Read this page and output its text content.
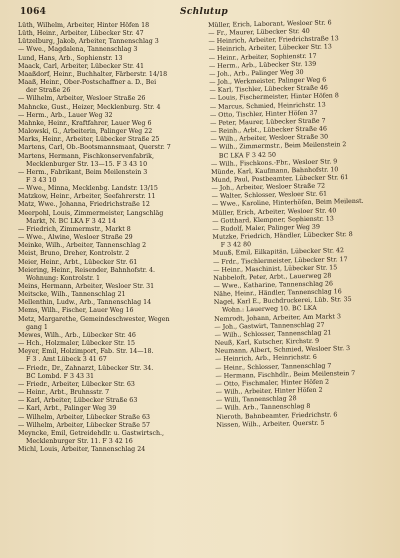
1064	Schlutup
Lüth, Wilhelm, Arbeiter, Hinter Höfen 18
Lüth, Heinr., Arbeiter, Lübecker Str. 47
Lützelburg, Jakob, Arbeiter, Tannenschlag 3
— Wwe., Magdalena, Tannenschlag 3
Lund, Hans, Arb., Sophienstr. 13
Maack, Carl, Arbeiter, Lübecker Str. 41
Maaßdorf, Heinr., Buchhalter, Färberstr. 14/18
Maaß, Heinr., Ober-Postschaffner a. D., Bei
der Straße 26
— Wilhelm, Arbeiter, Wesloer Straße 26
Mahncke, Gust., Heizer, Mecklenburg. Str. 4
— Herm., Arb., Lauer Weg 32
Mahnke, Heinr., Kraftfahrer, Lauer Weg 6
Malowski, G., Arbeiterin, Palinger Weg 22
Marks, Heinr., Arbeiter, Lübecker Straße 25
Martens, Carl, Ob.-Bootsmannsmaat, Querstr. 7
Martens, Hermann, Fischkonservenfabrik,
Mecklenburger Str. 13—15. F 3 43 10
— Herm., Fabrikant, Beim Meilenstein 3
F 3 43 10
— Wwe., Minna, Mecklenbg. Landstr. 13/15
Matzkow, Heinr., Arbeiter, Seefahrerstr. 11
Matz, Wwe., Johanna, Friedrichstraße 12
Meerpohl, Louis, Zimmermeister, Langschläg
Markt, N. BC LKA F 3 42 14
— Friedrich, Zimmermstr., Markt 8
— Wwe., Alwine, Wesloer Straße 29
Meinke, Wilh., Arbeiter, Tannenschlag 2
Meist, Bruno, Dreher, Kontrolstr. 2
Meier, Heinr., Arbt., Lübecker Str. 61
Meiering, Heinr., Reisender, Bahnhofstr. 4.
Wohnung: Kontrolstr. 1
Meins, Hermann, Arbeiter, Wesloer Str. 31
Meitscke, Wilh., Tannenschlag 21
Mellenthin, Ludw., Arb., Tannenschlag 14
Mems, Wilh., Fischer, Lauer Weg 16
Metz, Margarethe, Gemeindeschwester, Wegen
gang 1
Mewes, Wilh., Arb., Lübecker Str. 46
— Hch., Holzmaler, Lübecker Str. 15
Meyer, Emil, Holzimport, Fab. Str. 14—18.
F 3 . Amt Lübeck 3 41 67
— Friedr., Dr., Zahnarzt, Lübecker Str. 34.
BC Lombd. F 3 43 31
— Friedr., Arbeiter, Lübecker Str. 63
— Heinr., Arbt., Bruhnsstr. 7
— Karl, Arbeiter, Lübecker Straße 63
— Karl, Arbt., Palinger Weg 39
— Wilhelm, Arbeiter, Lübecker Straße 63
— Wilhelm, Arbeiter, Lübecker Straße 57
Meyncke, Emil, Getreidehdlr. u. Gastwirtsch.,
Mecklenburger Str. 11. F 3 42 16
Michl, Louis, Arbeiter, Tannenschlag 24
Müller, Erich, Laborant, Wesloer Str. 6
— Fr., Maurer, Lübecker Str. 40
— Heinrich, Arbeiter, Friedrichstraße 13
— Heinrich, Arbeiter, Lübecker Str. 13
— Heinr., Arbeiter, Sophienstr. 17
— Herm., Arb., Lübecker Str. 139
— Joh., Arb., Palinger Weg 30
— Joh., Werkmeister, Palinger Weg 6
— Karl, Tischler, Lübecker Straße 46
— Louis, Fischermeister, Hinter Höfen 8
— Marcus, Schmied, Heinrichstr. 13
— Otto, Tischler, Hinter Höfen 37
— Peter, Maurer, Lübecker Straße 7
— Reinh., Arbt., Lübecker Straße 46
— Wilh., Arbeiter, Wesloer Straße 30
— Wilh., Zimmermstr., Beim Meilenstein 2
BC LKA F 3 42 50
— Wilh., Fischkons.-Fbr., Wesloer Str. 9
Münde, Karl, Kaufmann, Bahnhofstr. 10
Mund, Paul, Postbeamter, Lübecker Str. 61
— Joh., Arbeiter, Wesloer Straße 72
— Walter, Schlosser, Wesloer Str. 61
— Wwe., Karoline, Hinterhöfen, Beim Meilenst.
Müller, Erich, Arbeiter, Wesloer Str. 40
— Gotthard, Klempner, Sophienstr. 13
— Rudolf, Maler, Palinger Weg 39
Mutzke, Friedrich, Händler, Lübecker Str. 8
F 3 42 80
Muuß, Emil, Eilkapitän, Lübecker Str. 42
— Frdr., Tischlermeister, Lübecker Str. 17
— Heinr., Maschinist, Lübecker Str. 15
Nabbeloft, Peter, Arbt., Lauerweg 28
— Wwe., Katharine, Tannenschlag 26
Nähe, Heinr., Händler, Tannenschlag 16
Nagel, Karl E., Buchdruckerei, Lüb. Str. 35
Wohn.: Lauerweg 10. BC LKA
Nemrodt, Johann, Arbeiter, Am Markt 3
— Joh., Gastwirt, Tannenschlag 27
— Wilh., Schlosser, Tannenschlag 21
Neuß, Karl, Kutscher, Kirchstr. 9
Neumann, Albert, Schmied, Wesloer Str. 3
— Heinrich, Arb., Heinrichstr. 6
— Heinr., Schlosser, Tannenschlag 7
— Hermann, Fischhdlr., Beim Meilenstein 7
— Otto, Fischmaler, Hinter Höfen 2
— Wilh., Arbeiter, Hinter Höfen 2
— Willi, Tannenschlag 28
— Wilh. Arb., Tannenschlag 8
Nieroth, Bahnbeamter, Friedrichstr. 6
Nissen, Wilh., Arbeiter, Querstr. 5
